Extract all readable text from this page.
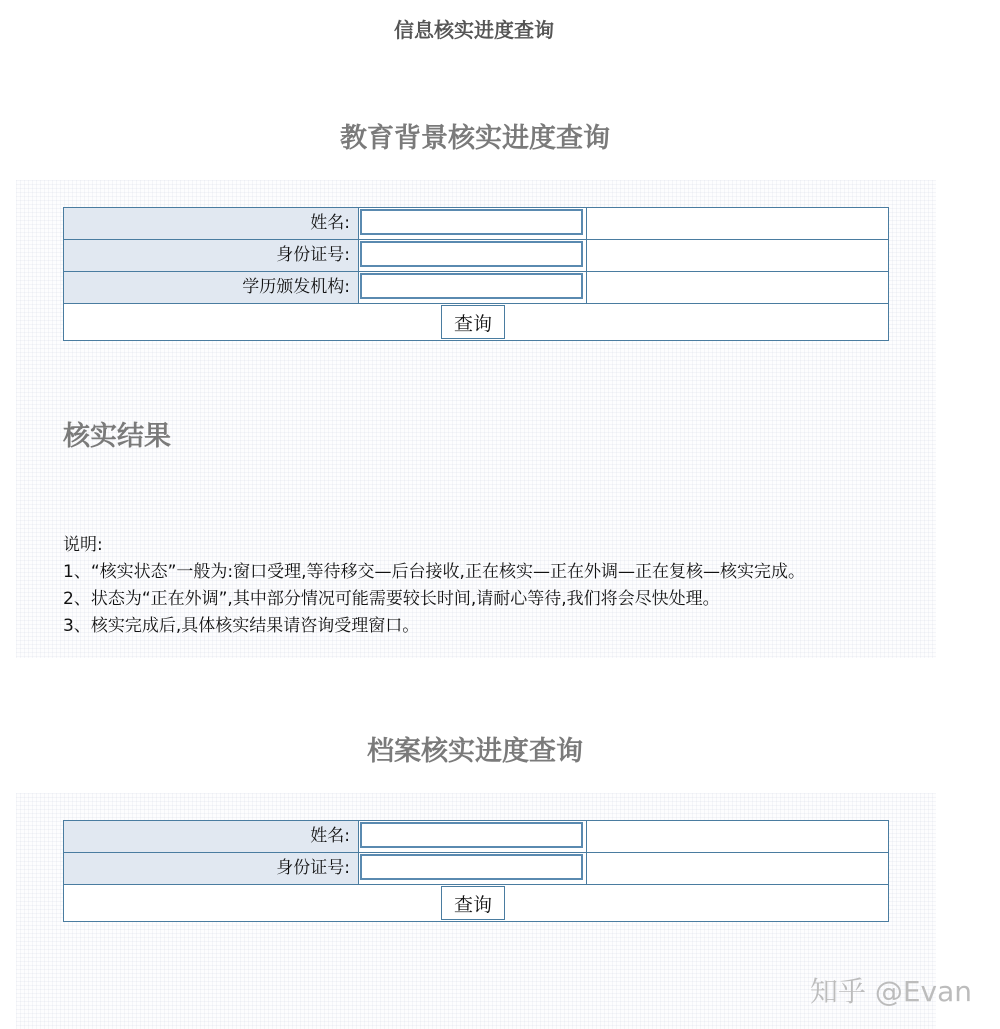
信息核实进度查询
教育背景核实进度查询
姓名:
身份证号:
学历颁发机构:
查询
核实结果

说明:

1、“核实状态”一般为:窗口受理,等待移交—后台接收,正在核实—正在外调—正在复核—核实完成。

2、状态为“正在外调”,其中部分情况可能需要较长时间,请耐心等待,我们将会尽快处理。

3、核实完成后,具体核实结果请咨询受理窗口。

档案核实进度查询
姓名:
身份证号:
查询
知乎 @Evan
